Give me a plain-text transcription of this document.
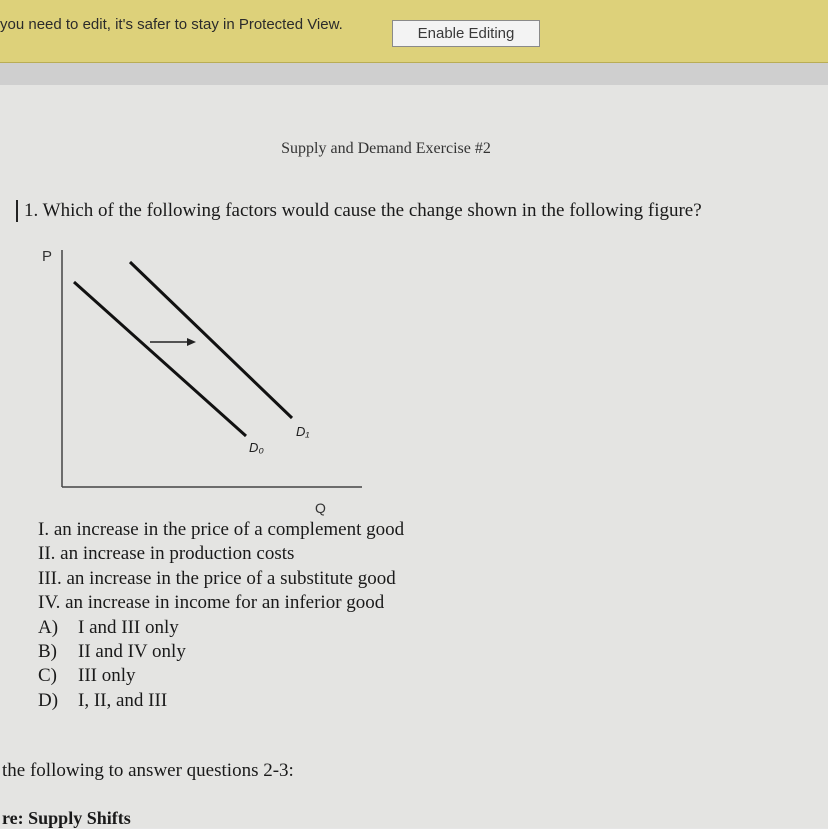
you need to edit, it's safer to stay in Protected View.
Enable Editing
Supply and Demand Exercise #2
1. Which of the following factors would cause the change shown in the following figure?
P
D₀
D₁
Q
I. an increase in the price of a complement good
II. an increase in production costs
III. an increase in the price of a substitute good
IV. an increase in income for an inferior good
A) I and III only
B) II and IV only
C) III only
D) I, II, and III
the following to answer questions 2-3:
re: Supply Shifts
